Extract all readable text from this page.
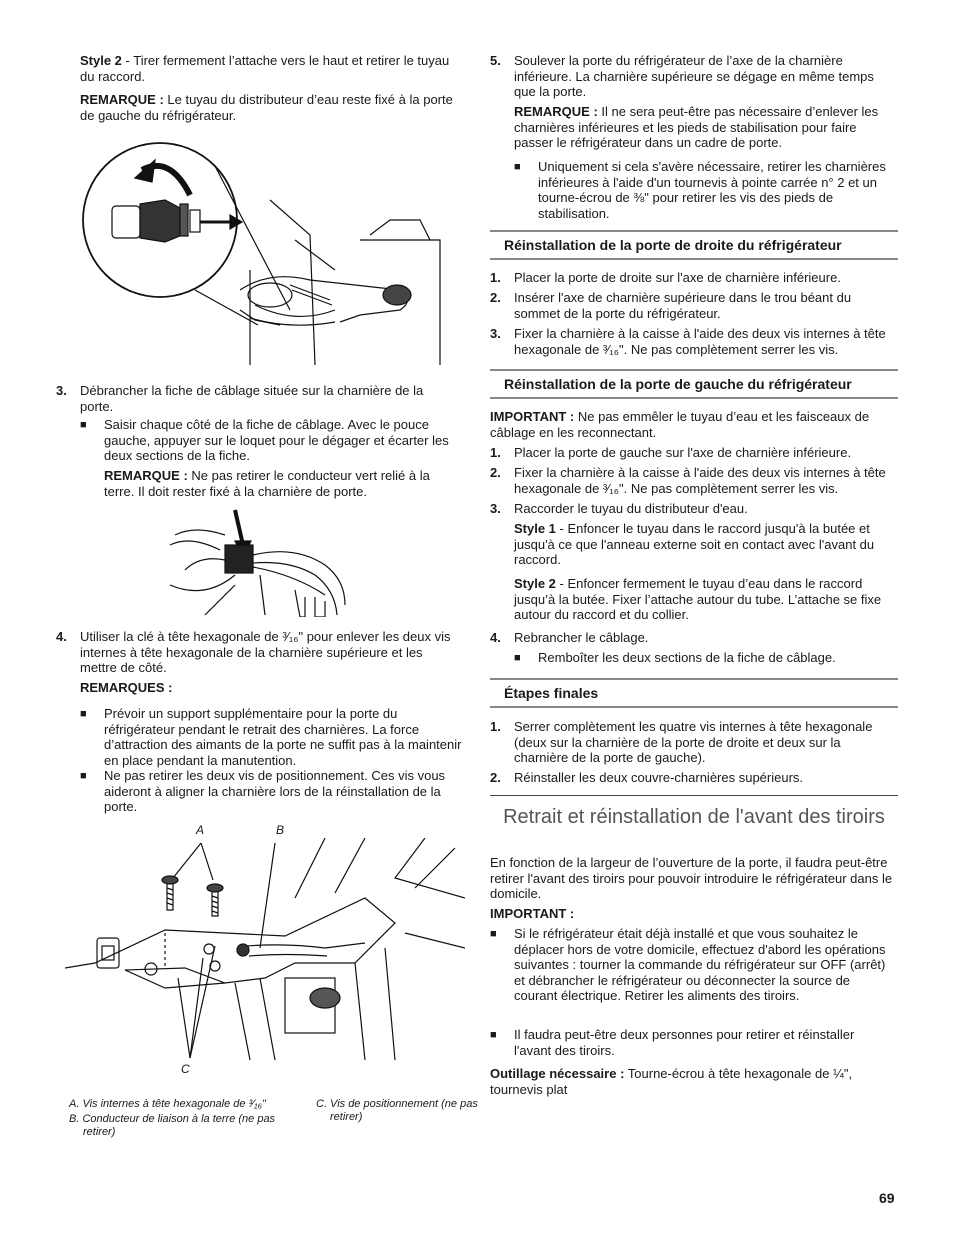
Style 2 - Tirer fermement l’attache vers le haut et retirer le tuyau du raccord.

REMARQUE : Le tuyau du distributeur d’eau reste fixé à la porte de gauche du réfrigérateur.

3. Débrancher la fiche de câblage située sur la charnière de la porte.

■ Saisir chaque côté de la fiche de câblage. Avec le pouce gauche, appuyer sur le loquet pour le dégager et écarter les deux sections de la fiche.

REMARQUE : Ne pas retirer le conducteur vert relié à la terre. Il doit rester fixé à la charnière de porte.

4. Utiliser la clé à tête hexagonale de ³⁄₁₆" pour enlever les deux vis internes à tête hexagonale de la charnière supérieure et les mettre de côté.

REMARQUES :
■ Prévoir un support supplémentaire pour la porte du réfrigérateur pendant le retrait des charnières. La force d’attraction des aimants de la porte ne suffit pas à la maintenir en place pendant la manutention.

■ Ne pas retirer les deux vis de positionnement. Ces vis vous aideront à aligner la charnière lors de la réinstallation de la porte.

A	B
C

A. Vis internes à tête hexagonale de ³⁄₁₆"

B. Conducteur de liaison à la terre (ne pas retirer)

C. Vis de positionnement (ne pas retirer)

5. Soulever la porte du réfrigérateur de l’axe de la charnière inférieure. La charnière supérieure se dégage en même temps que la porte.

REMARQUE : Il ne sera peut-être pas nécessaire d’enlever les charnières inférieures et les pieds de stabilisation pour faire passer le réfrigérateur dans un cadre de porte.

■ Uniquement si cela s'avère nécessaire, retirer les charnières inférieures à l'aide d'un tournevis à pointe carrée n° 2 et un tourne-écrou de ⅜" pour retirer les vis des pieds de stabilisation.

Réinstallation de la porte de droite du réfrigérateur
1. Placer la porte de droite sur l'axe de charnière inférieure.

2. Insérer l'axe de charnière supérieure dans le trou béant du sommet de la porte du réfrigérateur.

3. Fixer la charnière à la caisse à l'aide des deux vis internes à tête hexagonale de ³⁄₁₆". Ne pas complètement serrer les vis.

Réinstallation de la porte de gauche du réfrigérateur

IMPORTANT : Ne pas emmêler le tuyau d’eau et les faisceaux de câblage en les reconnectant.

1. Placer la porte de gauche sur l'axe de charnière inférieure.

2. Fixer la charnière à la caisse à l'aide des deux vis internes à tête hexagonale de ³⁄₁₆". Ne pas complètement serrer les vis.

3. Raccorder le tuyau du distributeur d'eau.

Style 1 - Enfoncer le tuyau dans le raccord jusqu'à la butée et jusqu'à ce que l'anneau externe soit en contact avec l'avant du raccord.

Style 2 - Enfoncer fermement le tuyau d’eau dans le raccord jusqu’à la butée. Fixer l’attache autour du tube. L’attache se fixe autour du raccord et du collier.

4. Rebrancher le câblage.

■ Remboîter les deux sections de la fiche de câblage.

Étapes finales
1. Serrer complètement les quatre vis internes à tête hexagonale (deux sur la charnière de la porte de droite et deux sur la charnière de la porte de gauche).

2. Réinstaller les deux couvre-charnières supérieurs.

Retrait et réinstallation de l'avant des tiroirs

En fonction de la largeur de l’ouverture de la porte, il faudra peut-être retirer l'avant des tiroirs pour pouvoir introduire le réfrigérateur dans le domicile.

IMPORTANT :
■ Si le réfrigérateur était déjà installé et que vous souhaitez le déplacer hors de votre domicile, effectuez d'abord les opérations suivantes : tourner la commande du réfrigérateur sur OFF (arrêt) et débrancher le réfrigérateur ou déconnecter la source de courant électrique. Retirer les aliments des tiroirs.

■ Il faudra peut-être deux personnes pour retirer et réinstaller l'avant des tiroirs.

Outillage nécessaire : Tourne-écrou à tête hexagonale de ¼", tournevis plat

69
